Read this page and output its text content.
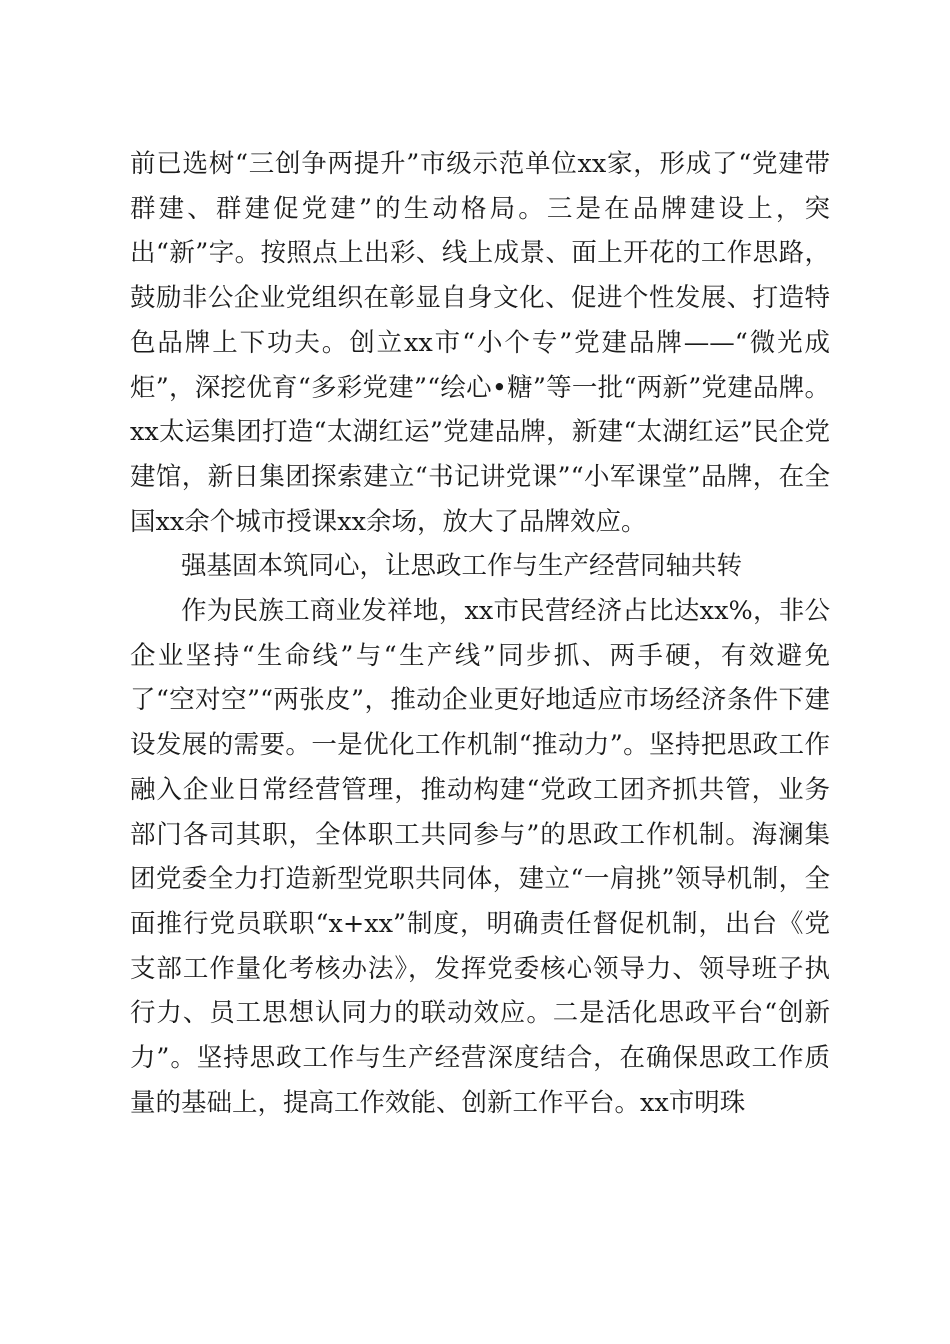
前已选树“三创争两提升”市级示范单位xx家，形成了“党建带群建、群建促党建”的生动格局。三是在品牌建设上，突出“新”字。按照点上出彩、线上成景、面上开花的工作思路，鼓励非公企业党组织在彰显自身文化、促进个性发展、打造特色品牌上下功夫。创立xx市“小个专”党建品牌——“微光成炬”，深挖优育“多彩党建”“绘心•糖”等一批“两新”党建品牌。xx太运集团打造“太湖红运”党建品牌，新建“太湖红运”民企党建馆，新日集团探索建立“书记讲党课”“小军课堂”品牌，在全国xx余个城市授课xx余场，放大了品牌效应。

强基固本筑同心，让思政工作与生产经营同轴共转

作为民族工商业发祥地，xx市民营经济占比达xx%，非公企业坚持“生命线”与“生产线”同步抓、两手硬，有效避免了“空对空”“两张皮”，推动企业更好地适应市场经济条件下建设发展的需要。一是优化工作机制“推动力”。坚持把思政工作融入企业日常经营管理，推动构建“党政工团齐抓共管，业务部门各司其职，全体职工共同参与”的思政工作机制。海澜集团党委全力打造新型党职共同体，建立“一肩挑”领导机制，全面推行党员联职“x+xx”制度，明确责任督促机制，出台《党支部工作量化考核办法》，发挥党委核心领导力、领导班子执行力、员工思想认同力的联动效应。二是活化思政平台“创新力”。坚持思政工作与生产经营深度结合，在确保思政工作质量的基础上，提高工作效能、创新工作平台。xx市明珠
